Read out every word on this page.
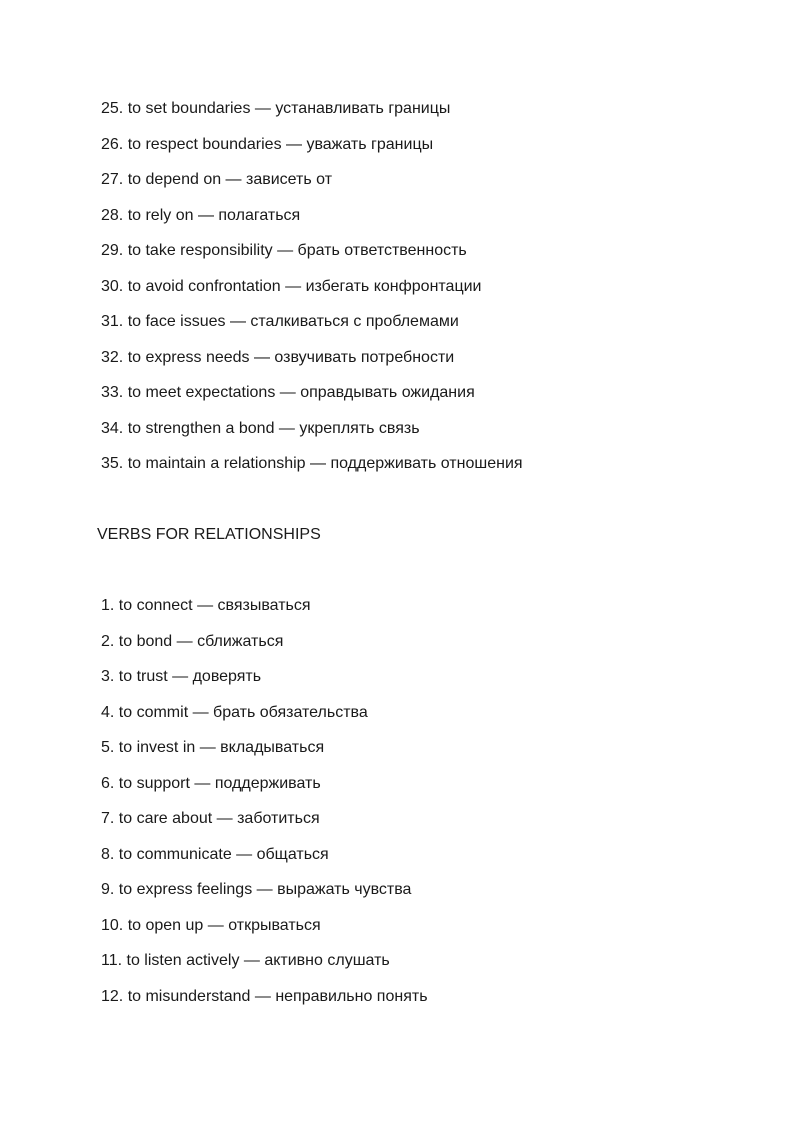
25. to set boundaries — устанавливать границы
26. to respect boundaries — уважать границы
27. to depend on — зависеть от
28. to rely on — полагаться
29. to take responsibility — брать ответственность
30. to avoid confrontation — избегать конфронтации
31. to face issues — сталкиваться с проблемами
32. to express needs — озвучивать потребности
33. to meet expectations — оправдывать ожидания
34. to strengthen a bond — укреплять связь
35. to maintain a relationship — поддерживать отношения
VERBS FOR RELATIONSHIPS
1. to connect — связываться
2. to bond — сближаться
3. to trust — доверять
4. to commit — брать обязательства
5. to invest in — вкладываться
6. to support — поддерживать
7. to care about — заботиться
8. to communicate — общаться
9. to express feelings — выражать чувства
10. to open up — открываться
11. to listen actively — активно слушать
12. to misunderstand — неправильно понять
